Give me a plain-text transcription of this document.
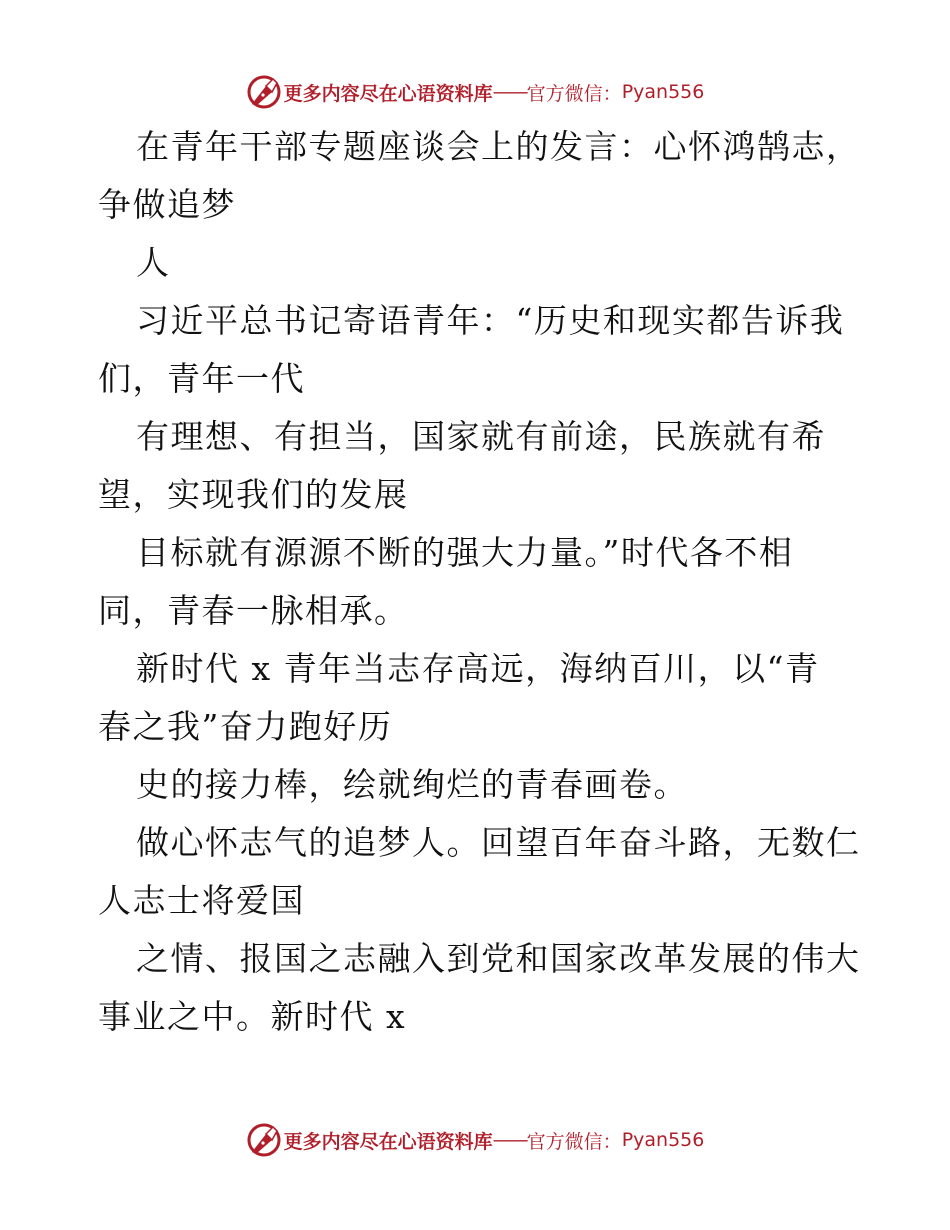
更多内容尽在心语资料库 —— 官方微信： Pyan556
在青年干部专题座谈会上的发言：心怀鸿鹄志，
争做追梦
人
习近平总书记寄语青年：“历史和现实都告诉我
们，青年一代
有理想、有担当，国家就有前途，民族就有希
望，实现我们的发展
目标就有源源不断的强大力量。”时代各不相
同，青春一脉相承。
新时代 x 青年当志存高远，海纳百川，以“青
春之我”奋力跑好历
史的接力棒，绘就绚烂的青春画卷。
做心怀志气的追梦人。回望百年奋斗路，无数仁
人志士将爱国
之情、报国之志融入到党和国家改革发展的伟大
事业之中。新时代 x
更多内容尽在心语资料库 —— 官方微信： Pyan556
